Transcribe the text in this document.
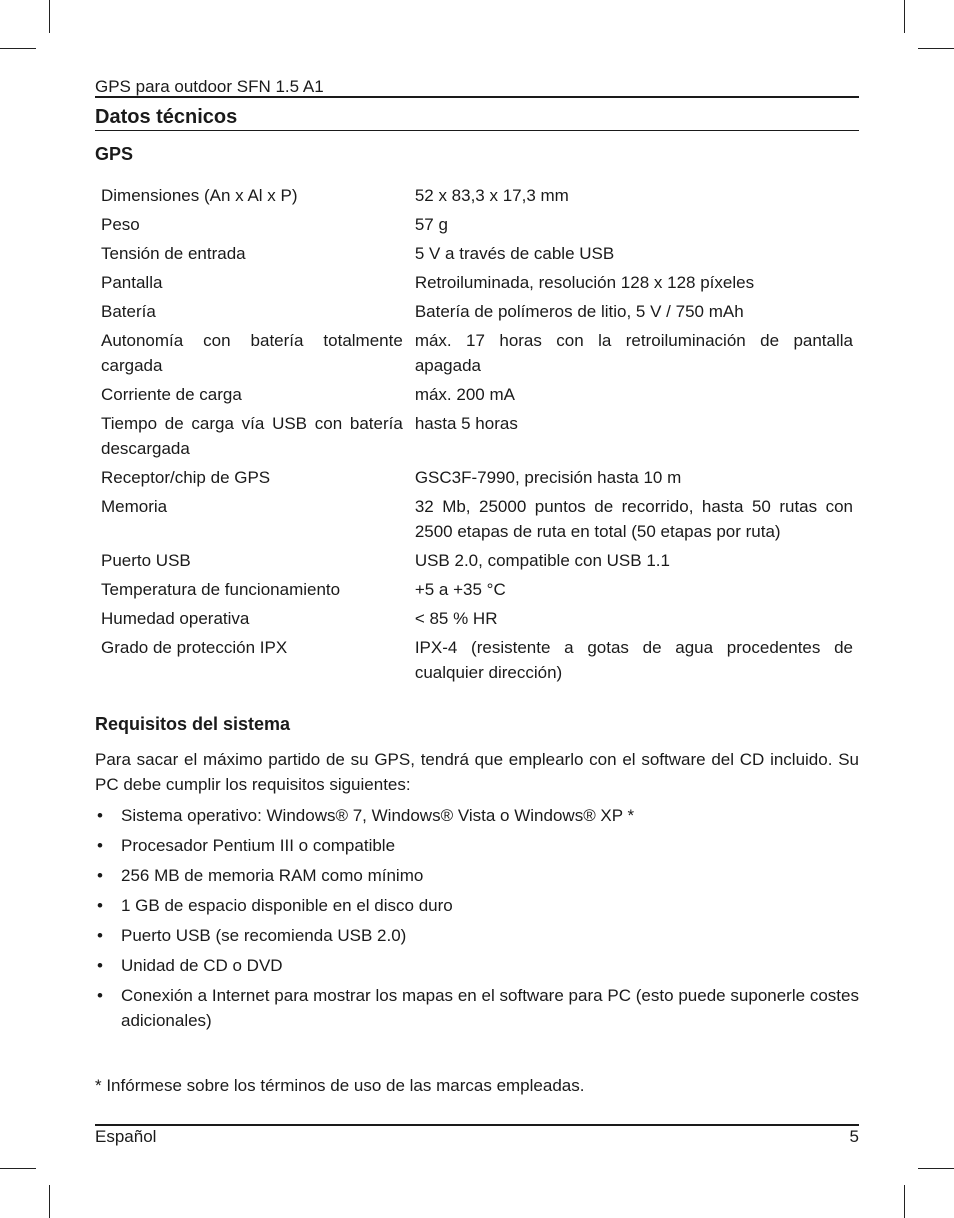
GPS para outdoor SFN 1.5 A1
Datos técnicos
GPS
Dimensiones (An x Al x P)	52 x 83,3 x 17,3 mm
Peso	57 g
Tensión de entrada	5 V a través de cable USB
Pantalla	Retroiluminada, resolución 128 x 128 píxeles
Batería	Batería de polímeros de litio, 5 V / 750 mAh
Autonomía con batería totalmente cargada	máx. 17 horas con la retroiluminación de pantalla apagada
Corriente de carga	máx. 200 mA
Tiempo de carga vía USB con batería descargada	hasta 5 horas
Receptor/chip de GPS	GSC3F-7990, precisión hasta 10 m
Memoria	32 Mb, 25000 puntos de recorrido, hasta 50 rutas con 2500 etapas de ruta en total (50 etapas por ruta)
Puerto USB	USB 2.0, compatible con USB 1.1
Temperatura de funcionamiento	+5 a +35 °C
Humedad operativa	< 85 % HR
Grado de protección IPX	IPX-4 (resistente a gotas de agua procedentes de cualquier dirección)
Requisitos del sistema

Para sacar el máximo partido de su GPS, tendrá que emplearlo con el software del CD incluido. Su PC debe cumplir los requisitos siguientes:

• Sistema operativo: Windows® 7, Windows® Vista o Windows® XP *
• Procesador Pentium III o compatible
• 256 MB de memoria RAM como mínimo
• 1 GB de espacio disponible en el disco duro
• Puerto USB (se recomienda USB 2.0)
• Unidad de CD o DVD
• Conexión a Internet para mostrar los mapas en el software para PC (esto puede suponerle costes adicionales)

* Infórmese sobre los términos de uso de las marcas empleadas.

Español	5
